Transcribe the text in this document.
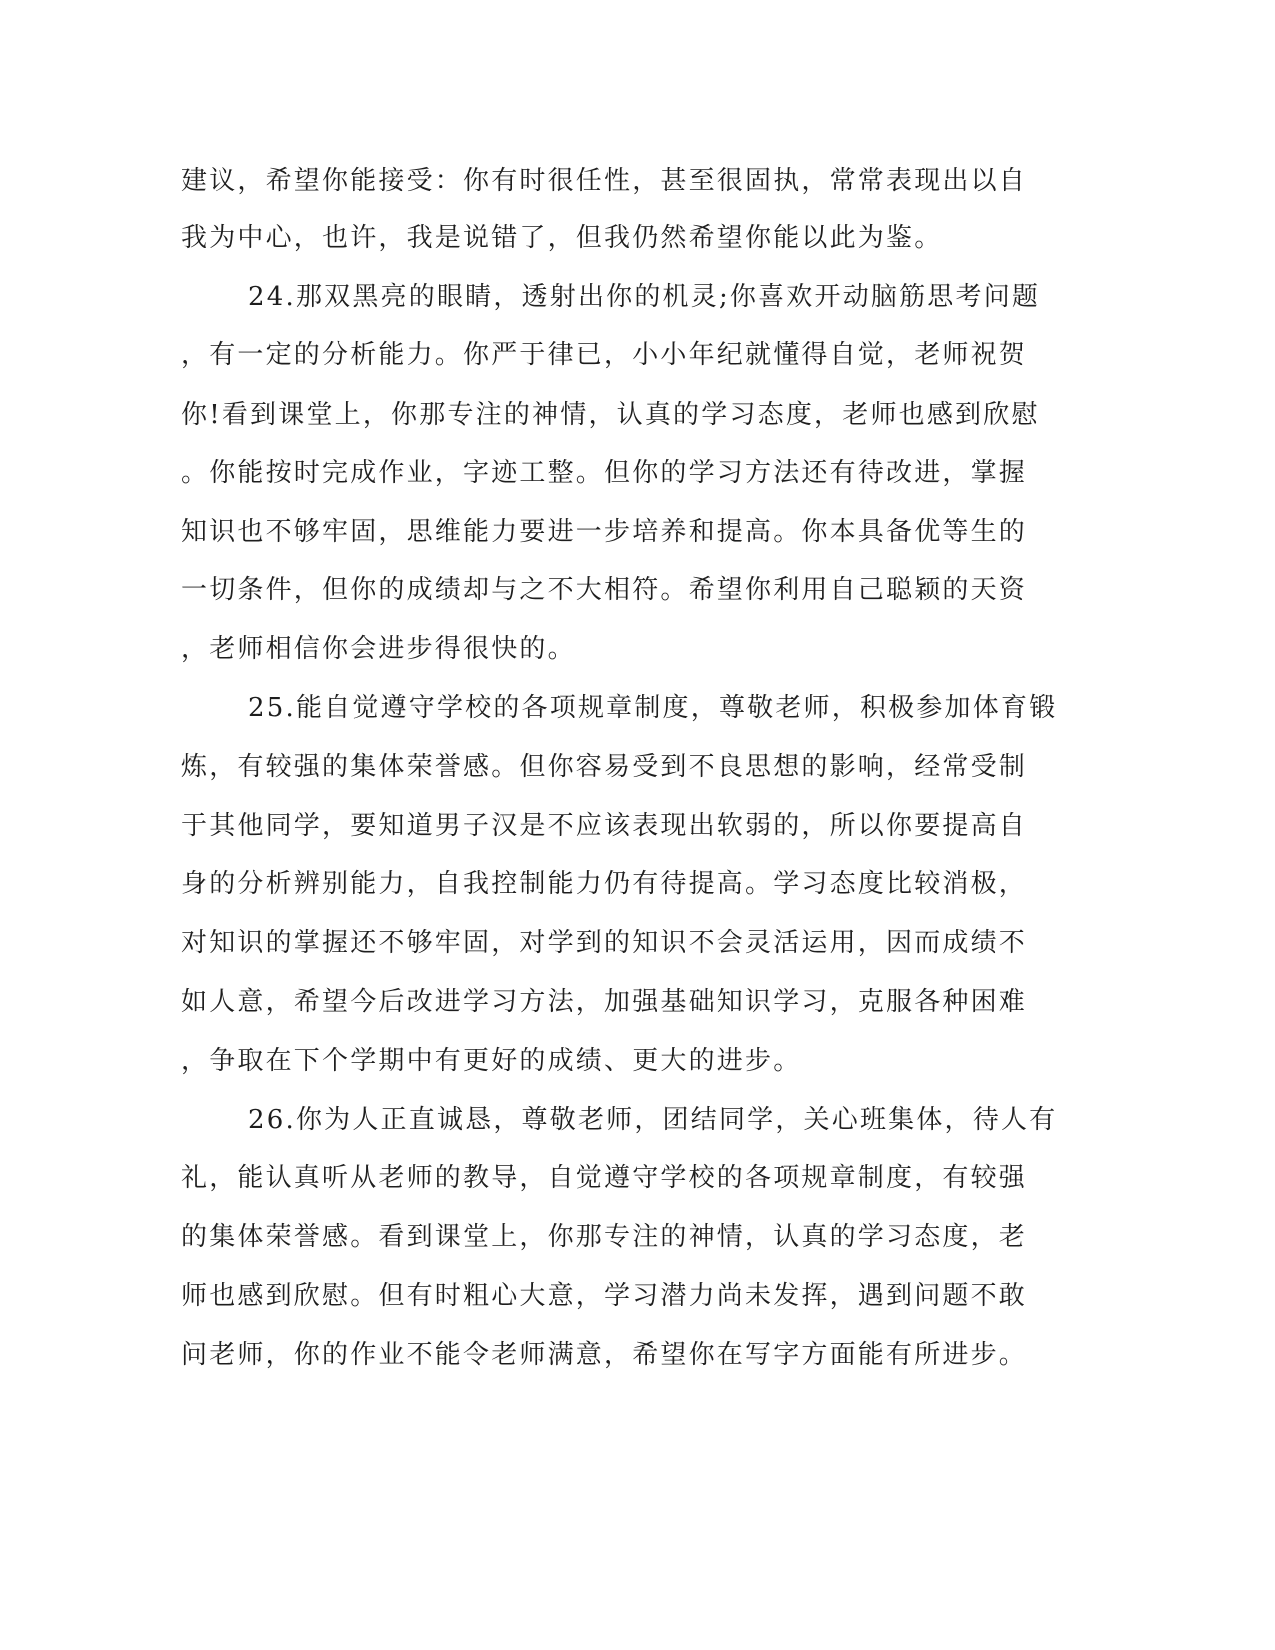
建议，希望你能接受：你有时很任性，甚至很固执，常常表现出以自
我为中心，也许，我是说错了，但我仍然希望你能以此为鉴。
24.那双黑亮的眼睛，透射出你的机灵;你喜欢开动脑筋思考问题
，有一定的分析能力。你严于律已，小小年纪就懂得自觉，老师祝贺
你!看到课堂上，你那专注的神情，认真的学习态度，老师也感到欣慰
。你能按时完成作业，字迹工整。但你的学习方法还有待改进，掌握
知识也不够牢固，思维能力要进一步培养和提高。你本具备优等生的
一切条件，但你的成绩却与之不大相符。希望你利用自己聪颖的天资
，老师相信你会进步得很快的。
25.能自觉遵守学校的各项规章制度，尊敬老师，积极参加体育锻
炼，有较强的集体荣誉感。但你容易受到不良思想的影响，经常受制
于其他同学，要知道男子汉是不应该表现出软弱的，所以你要提高自
身的分析辨别能力，自我控制能力仍有待提高。学习态度比较消极，
对知识的掌握还不够牢固，对学到的知识不会灵活运用，因而成绩不
如人意，希望今后改进学习方法，加强基础知识学习，克服各种困难
，争取在下个学期中有更好的成绩、更大的进步。
26.你为人正直诚恳，尊敬老师，团结同学，关心班集体，待人有
礼，能认真听从老师的教导，自觉遵守学校的各项规章制度，有较强
的集体荣誉感。看到课堂上，你那专注的神情，认真的学习态度，老
师也感到欣慰。但有时粗心大意，学习潜力尚未发挥，遇到问题不敢
问老师，你的作业不能令老师满意，希望你在写字方面能有所进步。
